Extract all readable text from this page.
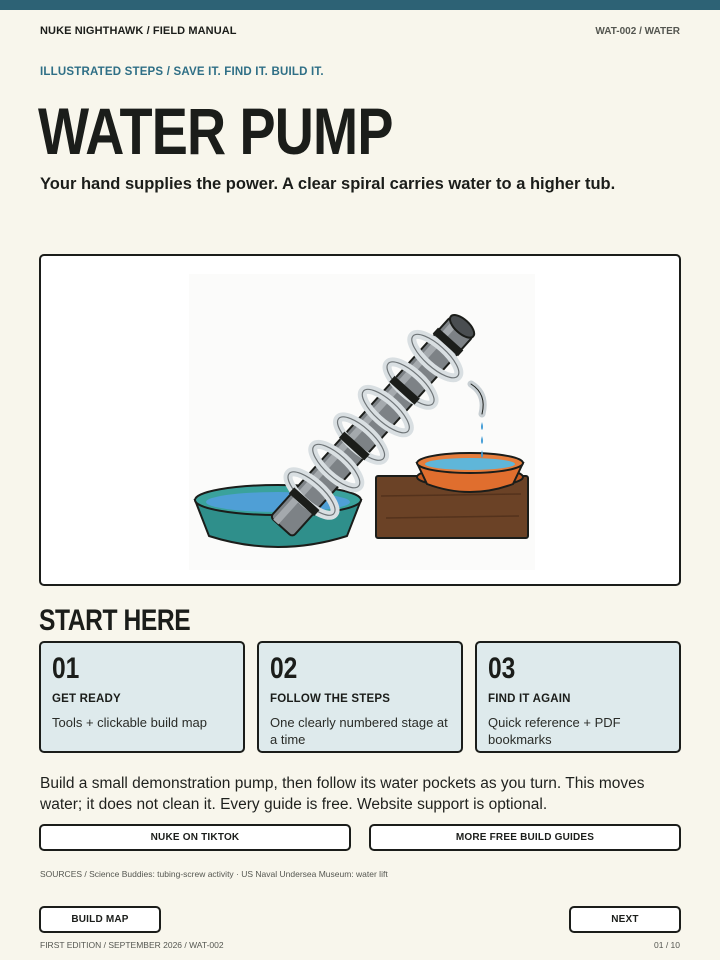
NUKE NIGHTHAWK / FIELD MANUAL	WAT-002 / WATER
ILLUSTRATED STEPS / SAVE IT. FIND IT. BUILD IT.
WATER PUMP
Your hand supplies the power. A clear spiral carries water to a higher tub.
START HERE
01
GET READY
Tools + clickable build map
02
FOLLOW THE STEPS
One clearly numbered stage at a time
03
FIND IT AGAIN
Quick reference + PDF bookmarks
Build a small demonstration pump, then follow its water pockets as you turn. This moves water; it does not clean it. Every guide is free. Website support is optional.
NUKE ON TIKTOK	MORE FREE BUILD GUIDES
SOURCES / Science Buddies: tubing-screw activity · US Naval Undersea Museum: water lift
BUILD MAP	NEXT
FIRST EDITION / SEPTEMBER 2026 / WAT-002	01 / 10
